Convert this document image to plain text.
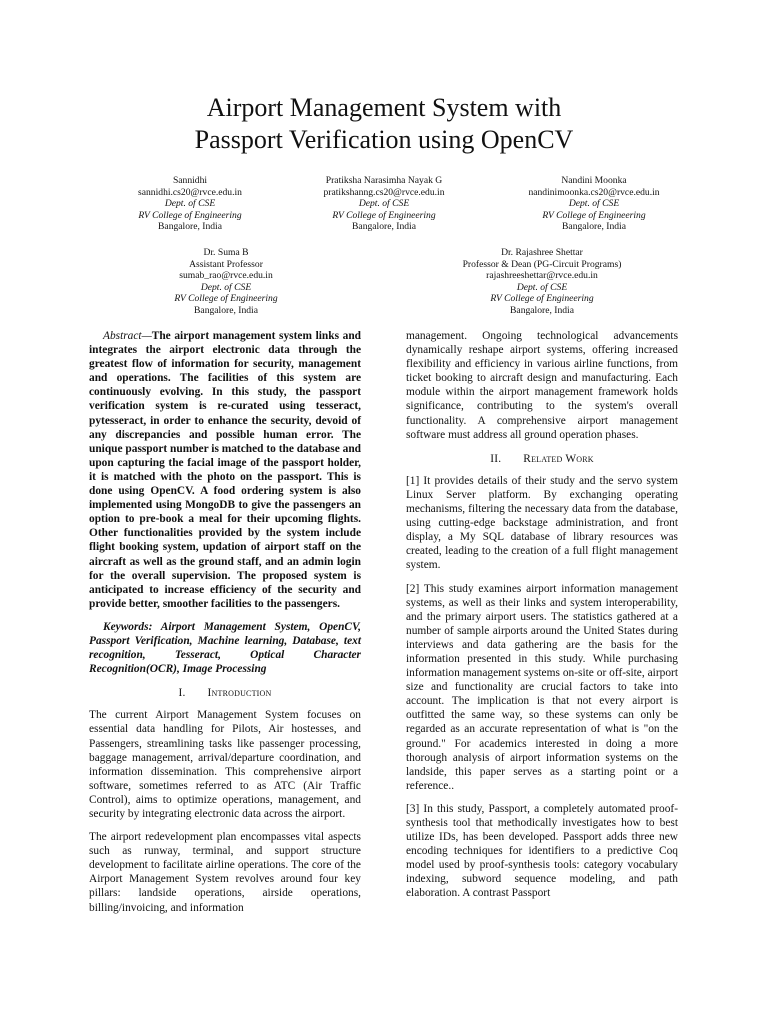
Airport Management System with
Passport Verification using OpenCV
Sannidhi
sannidhi.cs20@rvce.edu.in
Dept. of CSE
RV College of Engineering
Bangalore, India
Pratiksha Narasimha Nayak G
pratikshanng.cs20@rvce.edu.in
Dept. of CSE
RV College of Engineering
Bangalore, India
Nandini Moonka
nandinimoonka.cs20@rvce.edu.in
Dept. of CSE
RV College of Engineering
Bangalore, India
Dr. Suma B
Assistant Professor
sumab_rao@rvce.edu.in
Dept. of CSE
RV College of Engineering
Bangalore, India
Dr. Rajashree Shettar
Professor & Dean (PG-Circuit Programs)
rajashreeshettar@rvce.edu.in
Dept. of CSE
RV College of Engineering
Bangalore, India

Abstract—The airport management system links and integrates the airport electronic data through the greatest flow of information for security, management and operations. The facilities of this system are continuously evolving. In this study, the passport verification system is re-curated using tesseract, pytesseract, in order to enhance the security, devoid of any discrepancies and possible human error. The unique passport number is matched to the database and upon capturing the facial image of the passport holder, it is matched with the photo on the passport. This is done using OpenCV. A food ordering system is also implemented using MongoDB to give the passengers an option to pre-book a meal for their upcoming flights. Other functionalities provided by the system include flight booking system, updation of airport staff on the aircraft as well as the ground staff, and an admin login for the overall supervision. The proposed system is anticipated to increase efficiency of the security and provide better, smoother facilities to the passengers.

Keywords: Airport Management System, OpenCV, Passport Verification, Machine learning, Database, text recognition, Tesseract, Optical Character Recognition(OCR), Image Processing

I. Introduction

The current Airport Management System focuses on essential data handling for Pilots, Air hostesses, and Passengers, streamlining tasks like passenger processing, baggage management, arrival/departure coordination, and information dissemination. This comprehensive airport software, sometimes referred to as ATC (Air Traffic Control), aims to optimize operations, management, and security by integrating electronic data across the airport.

The airport redevelopment plan encompasses vital aspects such as runway, terminal, and support structure development to facilitate airline operations. The core of the Airport Management System revolves around four key pillars: landside operations, airside operations, billing/invoicing, and information

management. Ongoing technological advancements dynamically reshape airport systems, offering increased flexibility and efficiency in various airline functions, from ticket booking to aircraft design and manufacturing. Each module within the airport management framework holds significance, contributing to the system's overall functionality. A comprehensive airport management software must address all ground operation phases.

II. Related Work

[1] It provides details of their study and the servo system Linux Server platform. By exchanging operating mechanisms, filtering the necessary data from the database, using cutting-edge backstage administration, and front display, a My SQL database of library resources was created, leading to the creation of a full flight management system.

[2] This study examines airport information management systems, as well as their links and system interoperability, and the primary airport users. The statistics gathered at a number of sample airports around the United States during interviews and data gathering are the basis for the information presented in this study. While purchasing information management systems on-site or off-site, airport size and functionality are crucial factors to take into account. The implication is that not every airport is outfitted the same way, so these systems can only be regarded as an accurate representation of what is "on the ground." For academics interested in doing a more thorough analysis of airport information systems on the landside, this paper serves as a starting point or a reference..

[3] In this study, Passport, a completely automated proof-synthesis tool that methodically investigates how to best utilize IDs, has been developed. Passport adds three new encoding techniques for identifiers to a predictive Coq model used by proof-synthesis tools: category vocabulary indexing, subword sequence modeling, and path elaboration. A contrast Passport
